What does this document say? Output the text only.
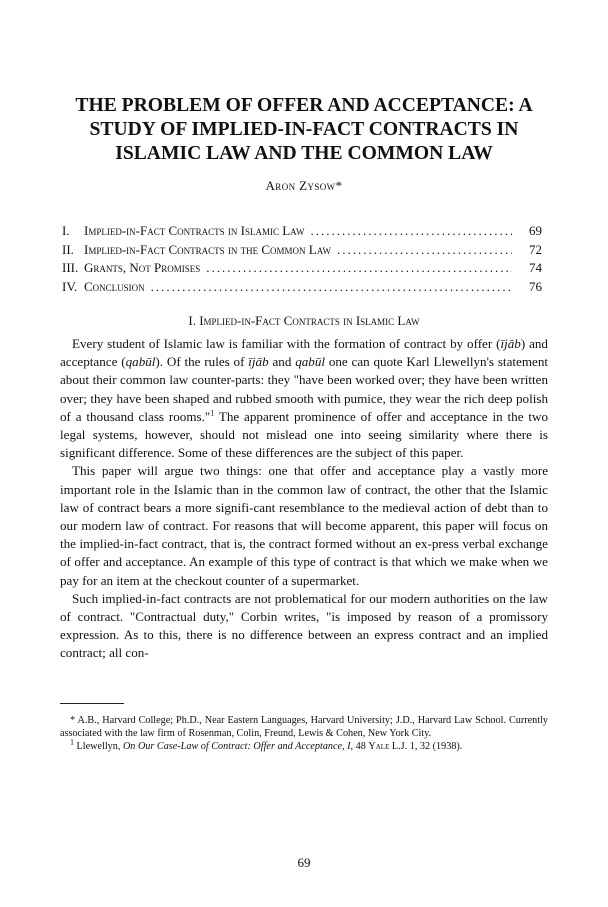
THE PROBLEM OF OFFER AND ACCEPTANCE: A
STUDY OF IMPLIED-IN-FACT CONTRACTS IN
ISLAMIC LAW AND THE COMMON LAW
Aron Zysow*
I.	Implied-in-Fact Contracts in Islamic Law .....	69
II. Implied-in-Fact Contracts in the Common Law .....	72
III. Grants, Not Promises .....	74
IV. Conclusion .....	76
I. Implied-in-Fact Contracts in Islamic Law

Every student of Islamic law is familiar with the formation of contract by offer (ījāb) and acceptance (qabūl). Of the rules of ījāb and qabūl one can quote Karl Llewellyn's statement about their common law counter-parts: they "have been worked over; they have been written over; they have been shaped and rubbed smooth with pumice, they wear the rich deep polish of a thousand class rooms."$^1$ The apparent prominence of offer and acceptance in the two legal systems, however, should not mislead one into seeing similarity where there is significant difference. Some of these differences are the subject of this paper.

This paper will argue two things: one that offer and acceptance play a vastly more important role in the Islamic than in the common law of contract, the other that the Islamic law of contract bears a more signifi-cant resemblance to the medieval action of debt than to our modern law of contract. For reasons that will become apparent, this paper will focus on the implied-in-fact contract, that is, the contract formed without an ex-press verbal exchange of offer and acceptance. An example of this type of contract is that which we make when we pay for an item at the checkout counter of a supermarket.

Such implied-in-fact contracts are not problematical for our modern authorities on the law of contract. "Contractual duty," Corbin writes, "is imposed by reason of a promissory expression. As to this, there is no difference between an express contract and an implied contract; all con-

* A.B., Harvard College; Ph.D., Near Eastern Languages, Harvard University; J.D., Harvard Law School. Currently associated with the law firm of Rosenman, Colin, Freund, Lewis & Cohen, New York City.

$^1$ Llewellyn, On Our Case-Law of Contract: Offer and Acceptance, I, 48 Yale L.J. 1, 32 (1938).

69
